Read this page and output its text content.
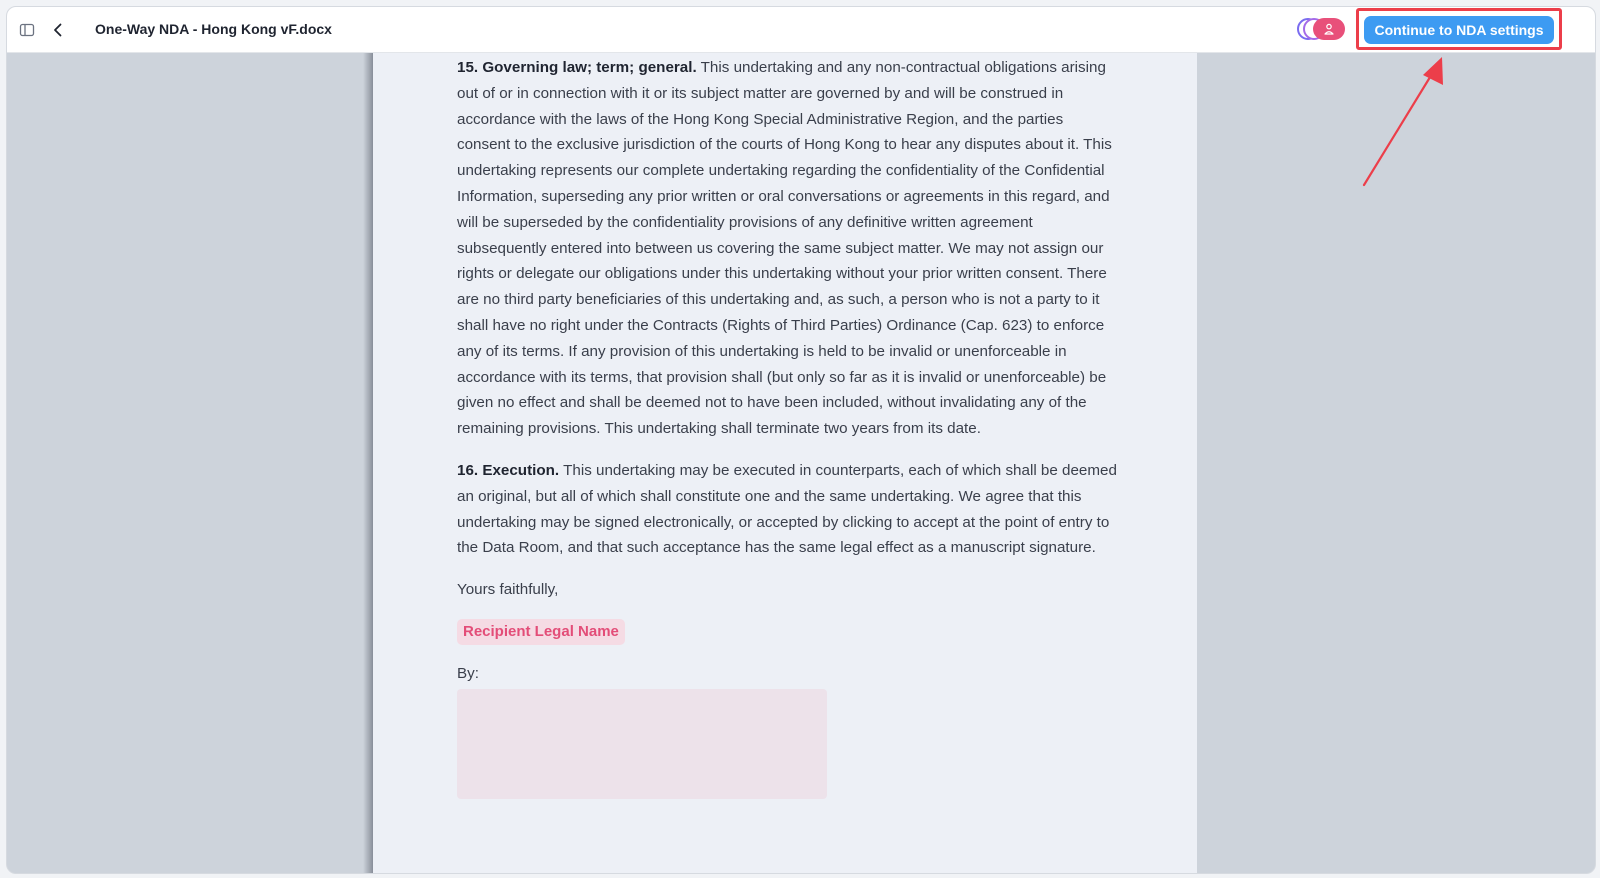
One-Way NDA - Hong Kong vF.docx	Continue to NDA settings

15. Governing law; term; general. This undertaking and any non-contractual obligations arising out of or in connection with it or its subject matter are governed by and will be construed in accordance with the laws of the Hong Kong Special Administrative Region, and the parties consent to the exclusive jurisdiction of the courts of Hong Kong to hear any disputes about it. This undertaking represents our complete undertaking regarding the confidentiality of the Confidential Information, superseding any prior written or oral conversations or agreements in this regard, and will be superseded by the confidentiality provisions of any definitive written agreement subsequently entered into between us covering the same subject matter. We may not assign our rights or delegate our obligations under this undertaking without your prior written consent. There are no third party beneficiaries of this undertaking and, as such, a person who is not a party to it shall have no right under the Contracts (Rights of Third Parties) Ordinance (Cap. 623) to enforce any of its terms. If any provision of this undertaking is held to be invalid or unenforceable in accordance with its terms, that provision shall (but only so far as it is invalid or unenforceable) be given no effect and shall be deemed not to have been included, without invalidating any of the remaining provisions. This undertaking shall terminate two years from its date.

16. Execution. This undertaking may be executed in counterparts, each of which shall be deemed an original, but all of which shall constitute one and the same undertaking. We agree that this undertaking may be signed electronically, or accepted by clicking to accept at the point of entry to the Data Room, and that such acceptance has the same legal effect as a manuscript signature.

Yours faithfully,

Recipient Legal Name
By:
